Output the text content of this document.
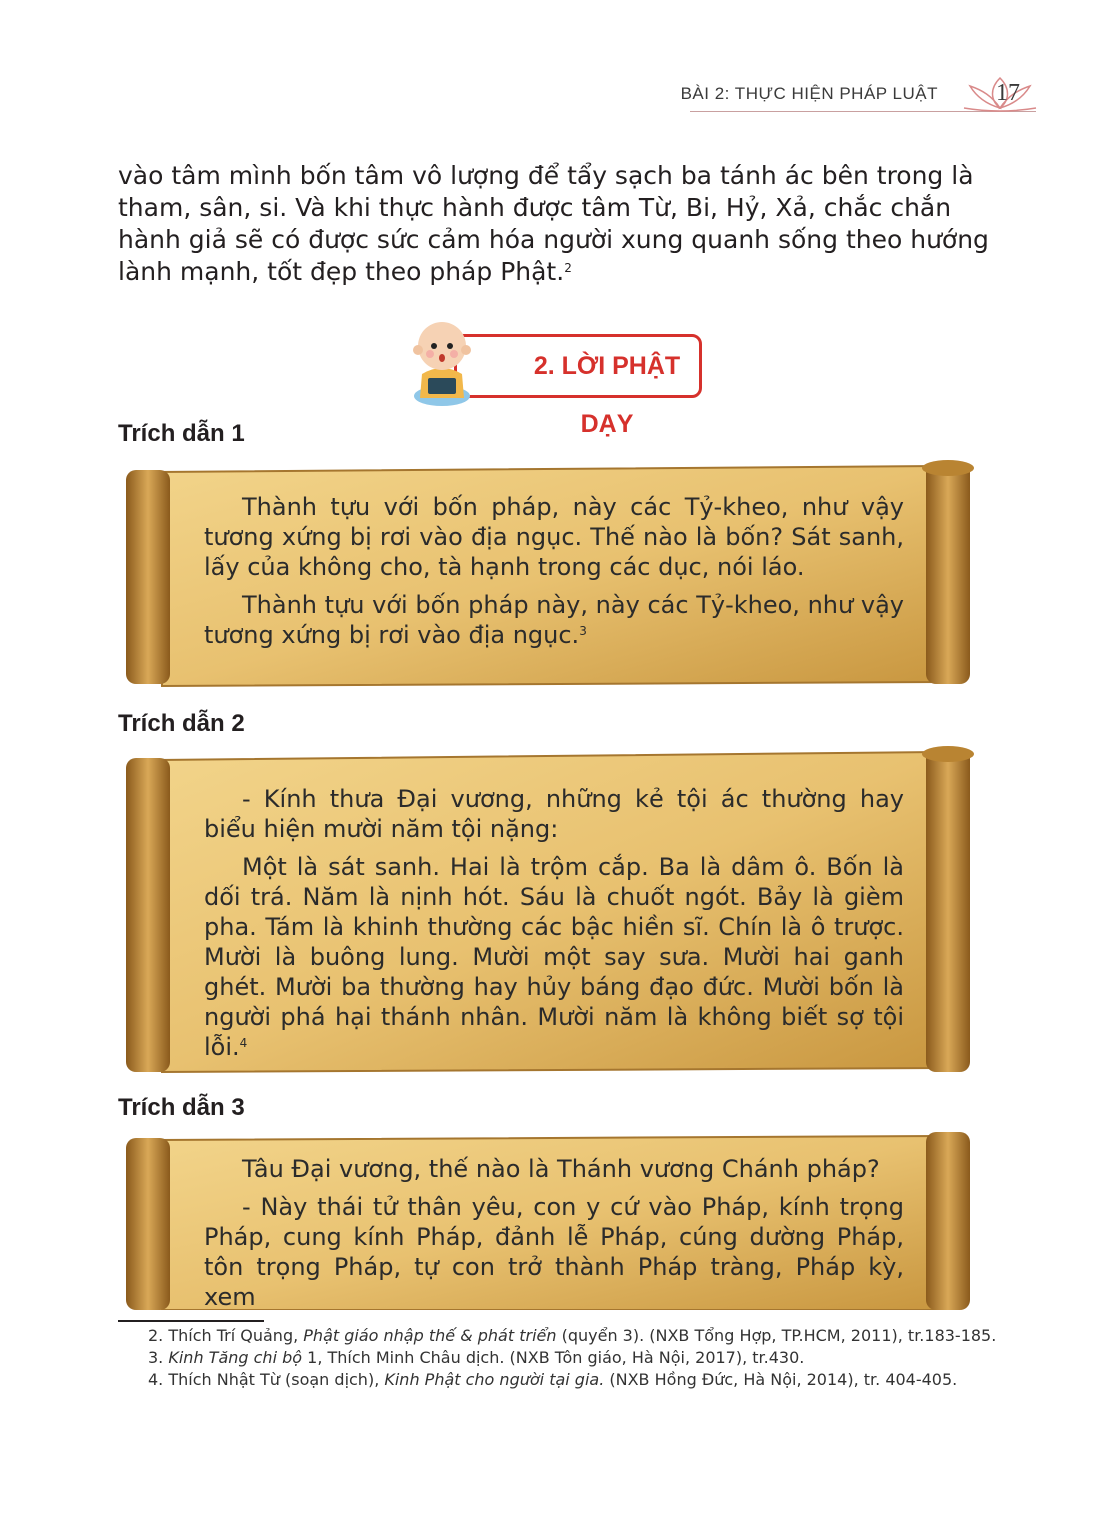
BÀI 2: THỰC HIỆN PHÁP LUẬT 17

vào tâm mình bốn tâm vô lượng để tẩy sạch ba tánh ác bên trong là tham, sân, si. Và khi thực hành được tâm Từ, Bi, Hỷ, Xả, chắc chắn hành giả sẽ có được sức cảm hóa người xung quanh sống theo hướng lành mạnh, tốt đẹp theo pháp Phật.$^2$

2. LỜI PHẬT DẠY
Trích dẫn 1

Thành tựu với bốn pháp, này các Tỷ-kheo, như vậy tương xứng bị rơi vào địa ngục. Thế nào là bốn? Sát sanh, lấy của không cho, tà hạnh trong các dục, nói láo.

Thành tựu với bốn pháp này, này các Tỷ-kheo, như vậy tương xứng bị rơi vào địa ngục.$^3$

Trích dẫn 2

- Kính thưa Đại vương, những kẻ tội ác thường hay biểu hiện mười năm tội nặng:

Một là sát sanh. Hai là trộm cắp. Ba là dâm ô. Bốn là dối trá. Năm là nịnh hót. Sáu là chuốt ngót. Bảy là gièm pha. Tám là khinh thường các bậc hiền sĩ. Chín là ô trược. Mười là buông lung. Mười một say sưa. Mười hai ganh ghét. Mười ba thường hay hủy báng đạo đức. Mười bốn là người phá hại thánh nhân. Mười năm là không biết sợ tội lỗi.$^4$

Trích dẫn 3

Tâu Đại vương, thế nào là Thánh vương Chánh pháp?

- Này thái tử thân yêu, con y cứ vào Pháp, kính trọng Pháp, cung kính Pháp, đảnh lễ Pháp, cúng dường Pháp, tôn trọng Pháp, tự con trở thành Pháp tràng, Pháp kỳ, xem

2. Thích Trí Quảng, Phật giáo nhập thế & phát triển (quyển 3). (NXB Tổng Hợp, TP.HCM, 2011), tr.183-185.

3. Kinh Tăng chi bộ 1, Thích Minh Châu dịch. (NXB Tôn giáo, Hà Nội, 2017), tr.430.

4. Thích Nhật Từ (soạn dịch), Kinh Phật cho người tại gia. (NXB Hồng Đức, Hà Nội, 2014), tr. 404-405.
